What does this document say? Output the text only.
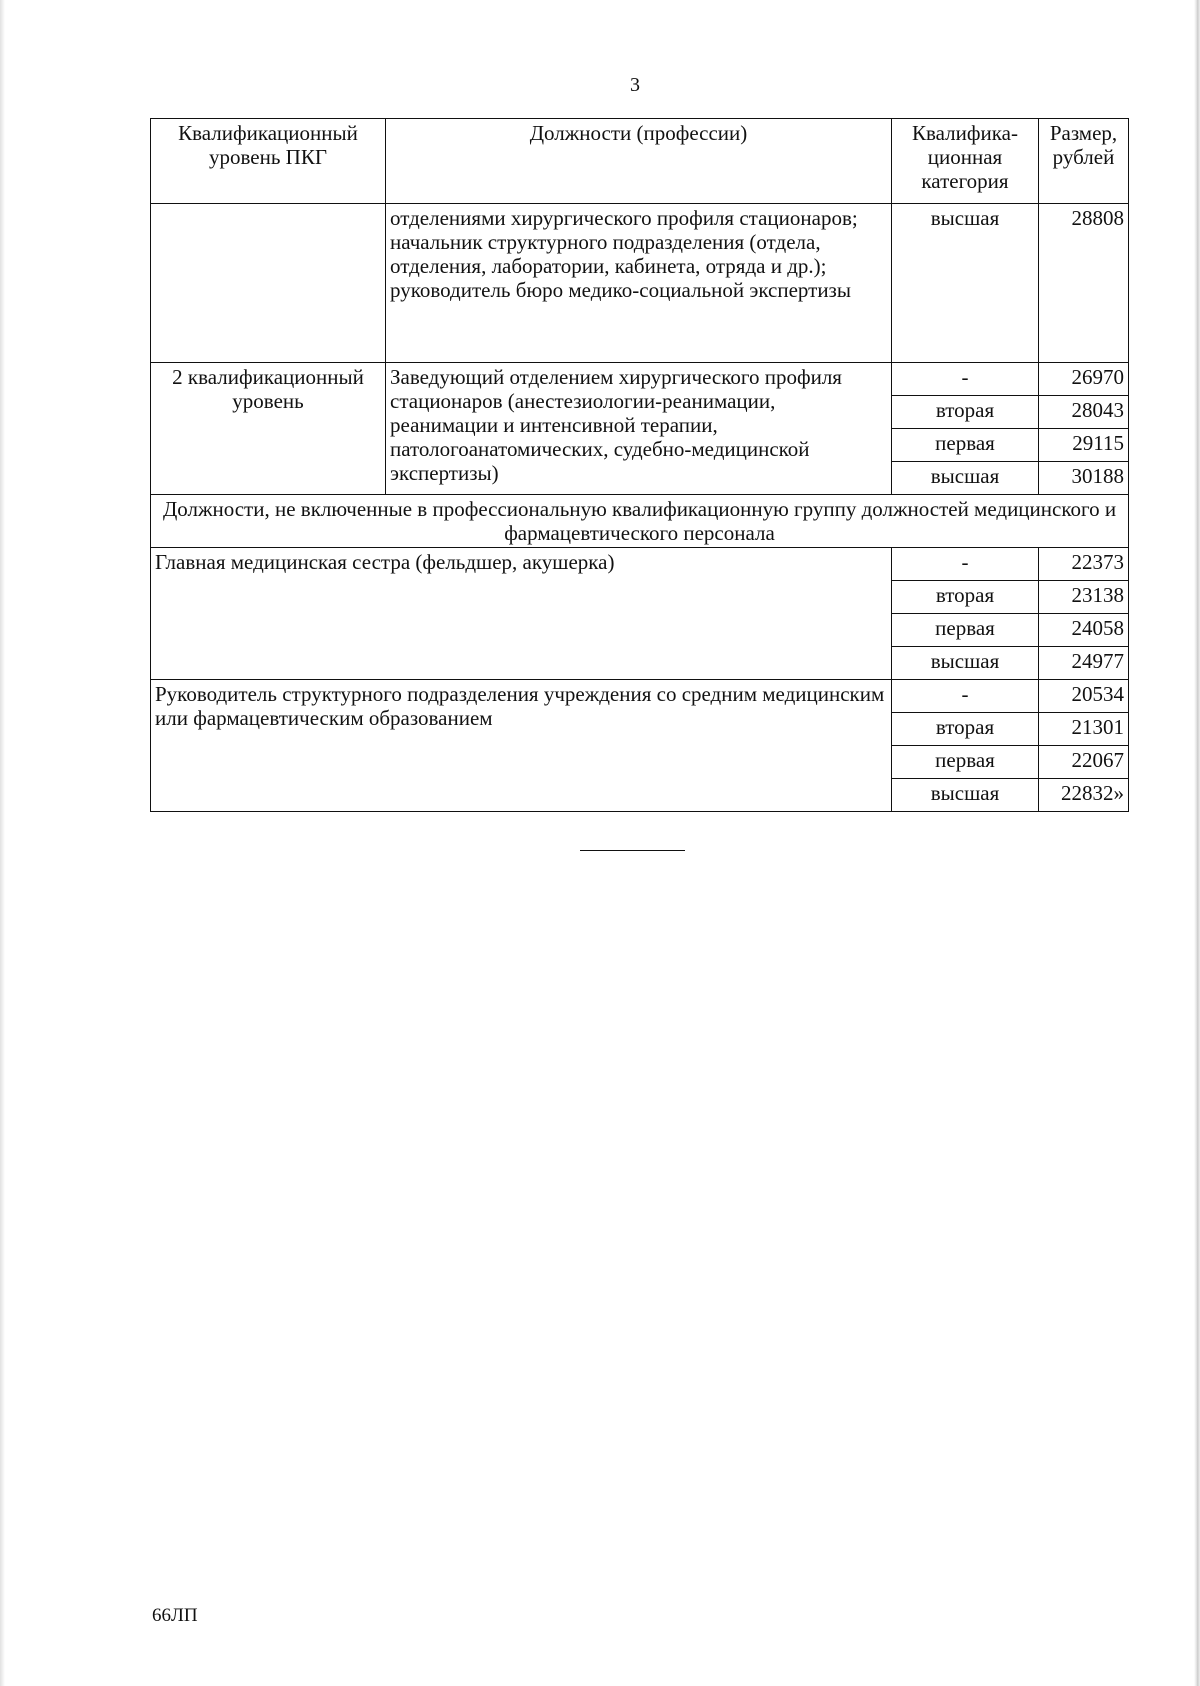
3
Квалификационный уровень ПКГ	Должности (профессии)	Квалифика-ционная категория	Размер, рублей
	отделениями хирургического профиля стационаров; начальник структурного подразделения (отдела, отделения, лаборатории, кабинета, отряда и др.); руководитель бюро медико-социальной экспертизы	высшая	28808
2 квалификационный уровень	Заведующий отделением хирургического профиля стационаров (анестезиологии-реанимации, реанимации и интенсивной терапии, патологоанатомических, судебно-медицинской экспертизы)	-	26970
		вторая	28043
		первая	29115
		высшая	30188
Должности, не включенные в профессиональную квалификационную группу должностей медицинского и фармацевтического персонала			
Главная медицинская сестра (фельдшер, акушерка)		-	22373
		вторая	23138
		первая	24058
		высшая	24977
Руководитель структурного подразделения учреждения со средним медицинским или фармацевтическим образованием		-	20534
		вторая	21301
		первая	22067
		высшая	22832»
66ЛП
